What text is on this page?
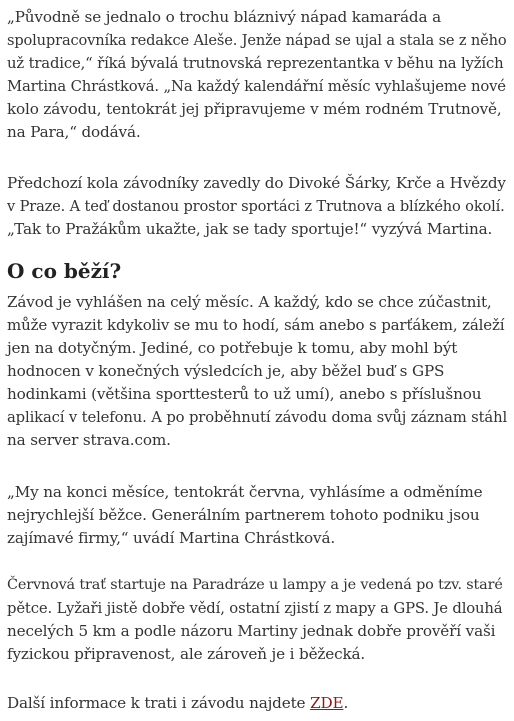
„Původně se jednalo o trochu bláznivý nápad kamaráda a
spolupracovníka redakce Aleše. Jenže nápad se ujal a stala se z něho
už tradice,“ říká bývalá trutnovská reprezentantka v běhu na lyžích
Martina Chrástková. „Na každý kalendářní měsíc vyhlašujeme nové
kolo závodu, tentokrát jej připravujeme v mém rodném Trutnově,
na Para,“ dodává.

Předchozí kola závodníky zavedly do Divoké Šárky, Krče a Hvězdy
v Praze. A teď dostanou prostor sportáci z Trutnova a blízkého okolí.
„Tak to Pražákům ukažte, jak se tady sportuje!“ vyzývá Martina.

O co běží?

Závod je vyhlášen na celý měsíc. A každý, kdo se chce zúčastnit,
může vyrazit kdykoliv se mu to hodí, sám anebo s parťákem, záleží
jen na dotyčným. Jediné, co potřebuje k tomu, aby mohl být
hodnocen v konečných výsledcích je, aby běžel buď s GPS
hodinkami (většina sporttesterů to už umí), anebo s příslušnou
aplikací v telefonu. A po proběhnutí závodu doma svůj záznam stáhl
na server strava.com.

„My na konci měsíce, tentokrát června, vyhlásíme a odměníme
nejrychlejší běžce. Generálním partnerem tohoto podniku jsou
zajímavé firmy,“ uvádí Martina Chrástková.

Červnová trať startuje na Paradráze u lampy a je vedená po tzv. staré
pětce. Lyžaři jistě dobře vědí, ostatní zjistí z mapy a GPS. Je dlouhá
necelých 5 km a podle názoru Martiny jednak dobře prověří vaši
fyzickou připravenost, ale zároveň je i běžecká.

Další informace k trati i závodu najdete ZDE.
